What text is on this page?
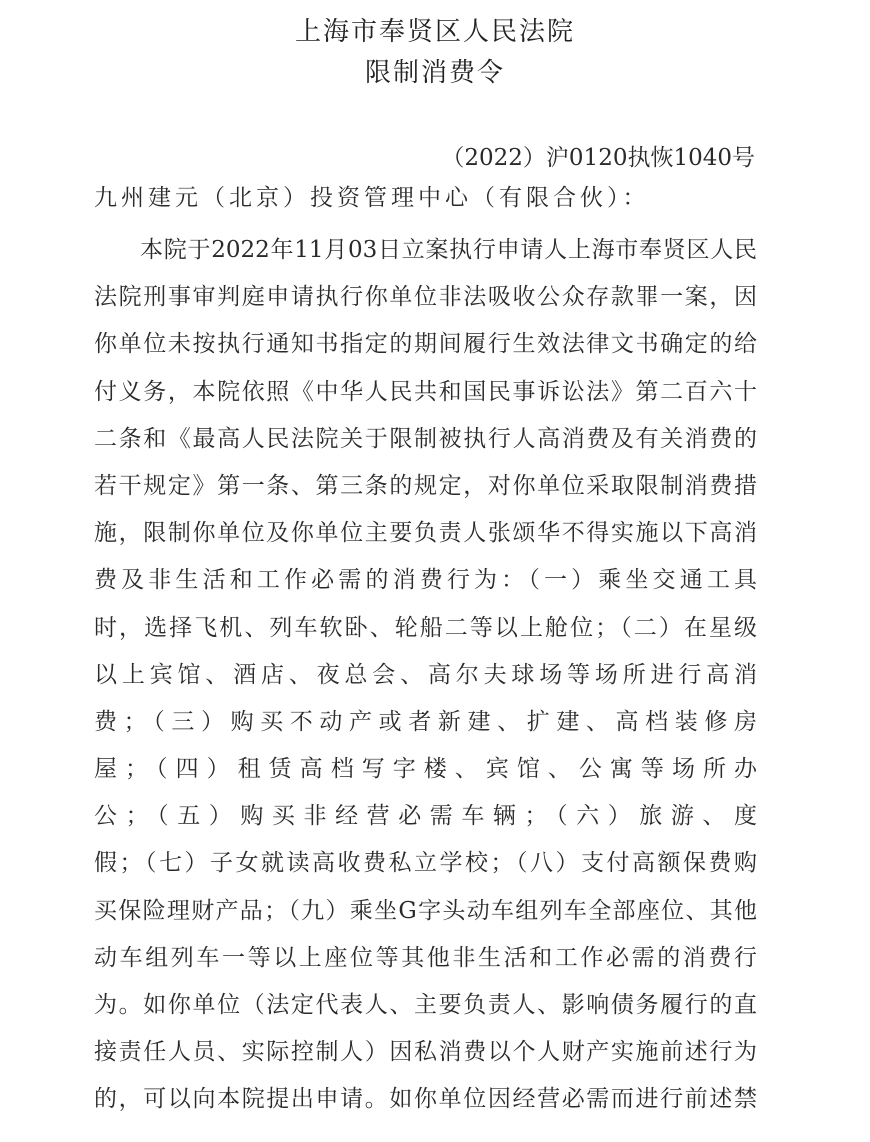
上海市奉贤区人民法院
限制消费令
（2022）沪0120执恢1040号
九州建元（北京）投资管理中心（有限合伙）：
本院于2022年11月03日立案执行申请人上海市奉贤区人民
法院刑事审判庭申请执行你单位非法吸收公众存款罪一案，因
你单位未按执行通知书指定的期间履行生效法律文书确定的给
付义务，本院依照《中华人民共和国民事诉讼法》第二百六十
二条和《最高人民法院关于限制被执行人高消费及有关消费的
若干规定》第一条、第三条的规定，对你单位采取限制消费措
施，限制你单位及你单位主要负责人张颂华不得实施以下高消
费及非生活和工作必需的消费行为：（一）乘坐交通工具
时，选择飞机、列车软卧、轮船二等以上舱位；（二）在星级
以上宾馆、酒店、夜总会、高尔夫球场等场所进行高消
费；（三）购买不动产或者新建、扩建、高档装修房
屋；（四）租赁高档写字楼、宾馆、公寓等场所办
公；（五）购买非经营必需车辆；（六）旅游、度
假；（七）子女就读高收费私立学校；（八）支付高额保费购
买保险理财产品；（九）乘坐G字头动车组列车全部座位、其他
动车组列车一等以上座位等其他非生活和工作必需的消费行
为。如你单位（法定代表人、主要负责人、影响债务履行的直
接责任人员、实际控制人）因私消费以个人财产实施前述行为
的，可以向本院提出申请。如你单位因经营必需而进行前述禁
